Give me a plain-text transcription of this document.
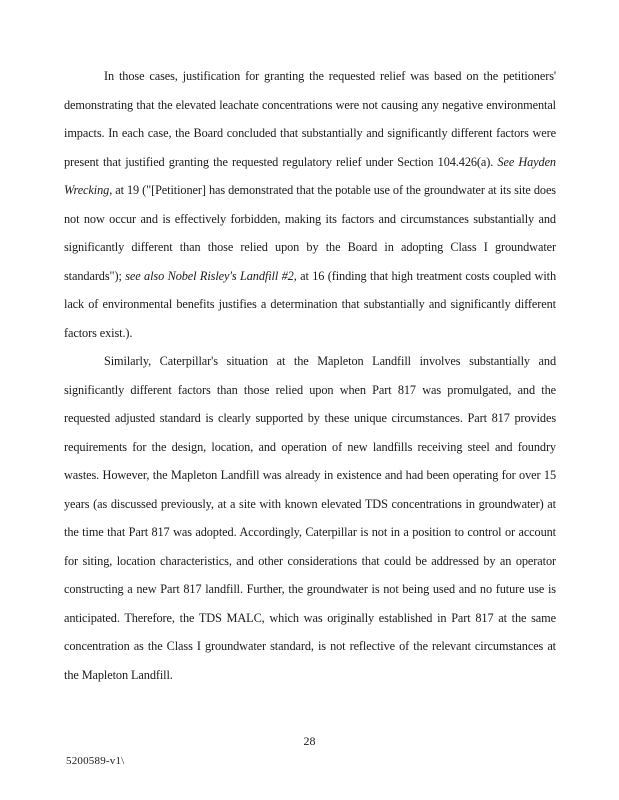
In those cases, justification for granting the requested relief was based on the petitioners' demonstrating that the elevated leachate concentrations were not causing any negative environmental impacts. In each case, the Board concluded that substantially and significantly different factors were present that justified granting the requested regulatory relief under Section 104.426(a). See Hayden Wrecking, at 19 ("[Petitioner] has demonstrated that the potable use of the groundwater at its site does not now occur and is effectively forbidden, making its factors and circumstances substantially and significantly different than those relied upon by the Board in adopting Class I groundwater standards"); see also Nobel Risley's Landfill #2, at 16 (finding that high treatment costs coupled with lack of environmental benefits justifies a determination that substantially and significantly different factors exist.).

Similarly, Caterpillar's situation at the Mapleton Landfill involves substantially and significantly different factors than those relied upon when Part 817 was promulgated, and the requested adjusted standard is clearly supported by these unique circumstances. Part 817 provides requirements for the design, location, and operation of new landfills receiving steel and foundry wastes. However, the Mapleton Landfill was already in existence and had been operating for over 15 years (as discussed previously, at a site with known elevated TDS concentrations in groundwater) at the time that Part 817 was adopted. Accordingly, Caterpillar is not in a position to control or account for siting, location characteristics, and other considerations that could be addressed by an operator constructing a new Part 817 landfill. Further, the groundwater is not being used and no future use is anticipated. Therefore, the TDS MALC, which was originally established in Part 817 at the same concentration as the Class I groundwater standard, is not reflective of the relevant circumstances at the Mapleton Landfill.

28
5200589-v1\
